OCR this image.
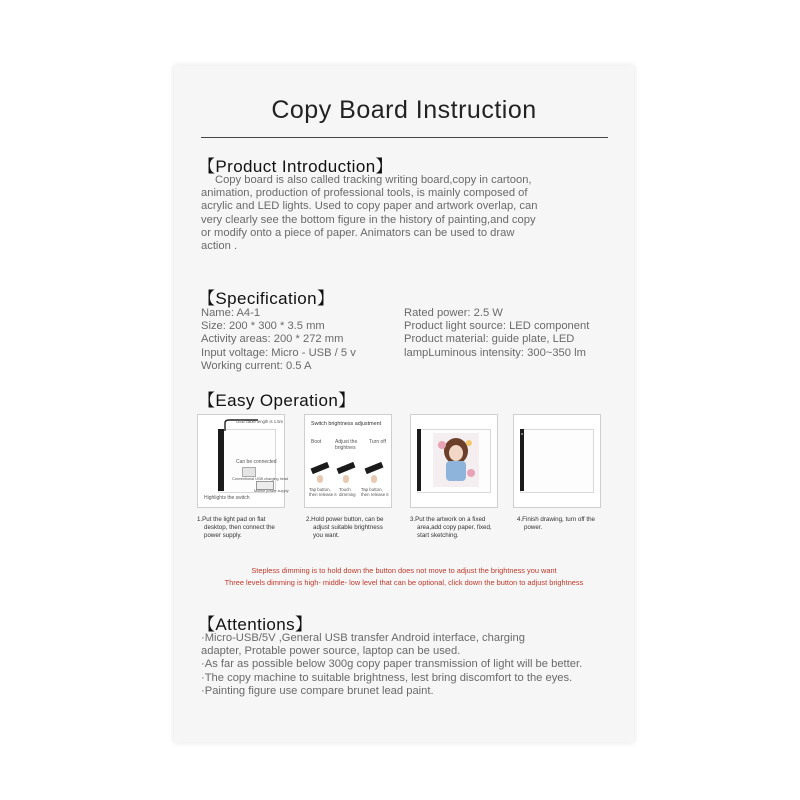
Copy Board Instruction
【Product Introduction】
Copy board is also called tracking writing board,copy in cartoon,
animation, production of professional tools, is mainly composed of
acrylic and LED lights. Used to copy paper and artwork overlap, can
very clearly see the bottom figure in the history of painting,and copy
or modify onto a piece of paper. Animators can be used to draw
action .
【Specification】
Name: A4-1
Size: 200 * 300 * 3.5 mm
Activity areas: 200 * 272 mm
Input voltage: Micro - USB / 5 v
Working current: 0.5 A
Rated power: 2.5 W
Product light source: LED component
Product material: guide plate, LED
lampLuminous intensity: 300~350 lm
【Easy Operation】
USB cable length is 1.5m
Can be connected
Conventional USB charging head
Mobile power supply
Highlights the switch
1.Put the light pad on flat
desktop, then connect the
power supply.
Switch brightness adjustment
Boot	Adjust the
brightnes
Turn off
Tap button,
then release it
Touch
dimming
Tap button,
then release it
2.Hold power button, can be
adjust suitable brightness
you want.
3.Put the artwork on a fixed
area,add copy paper, fixed,
start sketching.
4.Finish drawing, turn off the
power.
Stepless dimming is to hold down the button does not move to adjust the brightness you want
Three levels dimming is high- middle- low level that can be optional, click down the button to adjust brightness
【Attentions】
·Micro-USB/5V ,General USB transfer Android interface, charging
adapter, Protable power source, laptop can be used.
·As far as possible below 300g copy paper transmission of light will be better.
·The copy machine to suitable brightness, lest bring discomfort to the eyes.
·Painting figure use compare brunet lead paint.
